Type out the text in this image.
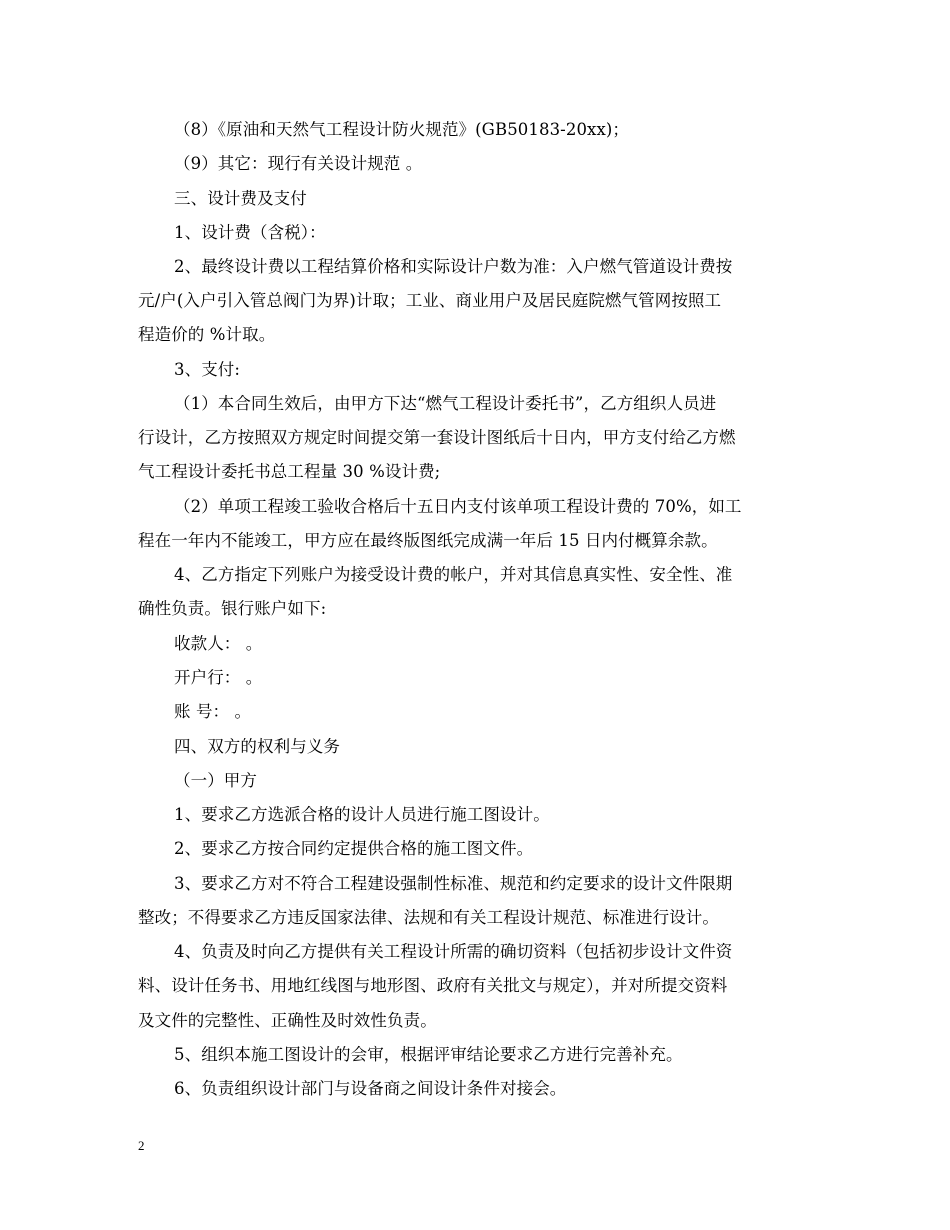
（8）《原油和天然气工程设计防火规范》(GB50183-20xx)；
（9）其它：现行有关设计规范 。
三、设计费及支付
1、设计费（含税）：
2、最终设计费以工程结算价格和实际设计户数为准：入户燃气管道设计费按
元/户(入户引入管总阀门为界)计取；工业、商业用户及居民庭院燃气管网按照工
程造价的 %计取。
3、支付:
（1）本合同生效后，由甲方下达“燃气工程设计委托书”，乙方组织人员进
行设计，乙方按照双方规定时间提交第一套设计图纸后十日内，甲方支付给乙方燃
气工程设计委托书总工程量 30 %设计费;
（2）单项工程竣工验收合格后十五日内支付该单项工程设计费的 70%，如工
程在一年内不能竣工，甲方应在最终版图纸完成满一年后 15 日内付概算余款。
4、乙方指定下列账户为接受设计费的帐户，并对其信息真实性、安全性、准
确性负责。银行账户如下:
收款人： 。
开户行： 。
账 号： 。
四、双方的权利与义务
（一）甲方
1、要求乙方选派合格的设计人员进行施工图设计。
2、要求乙方按合同约定提供合格的施工图文件。
3、要求乙方对不符合工程建设强制性标准、规范和约定要求的设计文件限期
整改；不得要求乙方违反国家法律、法规和有关工程设计规范、标准进行设计。
4、负责及时向乙方提供有关工程设计所需的确切资料（包括初步设计文件资
料、设计任务书、用地红线图与地形图、政府有关批文与规定），并对所提交资料
及文件的完整性、正确性及时效性负责。
5、组织本施工图设计的会审，根据评审结论要求乙方进行完善补充。
6、负责组织设计部门与设备商之间设计条件对接会。
2
